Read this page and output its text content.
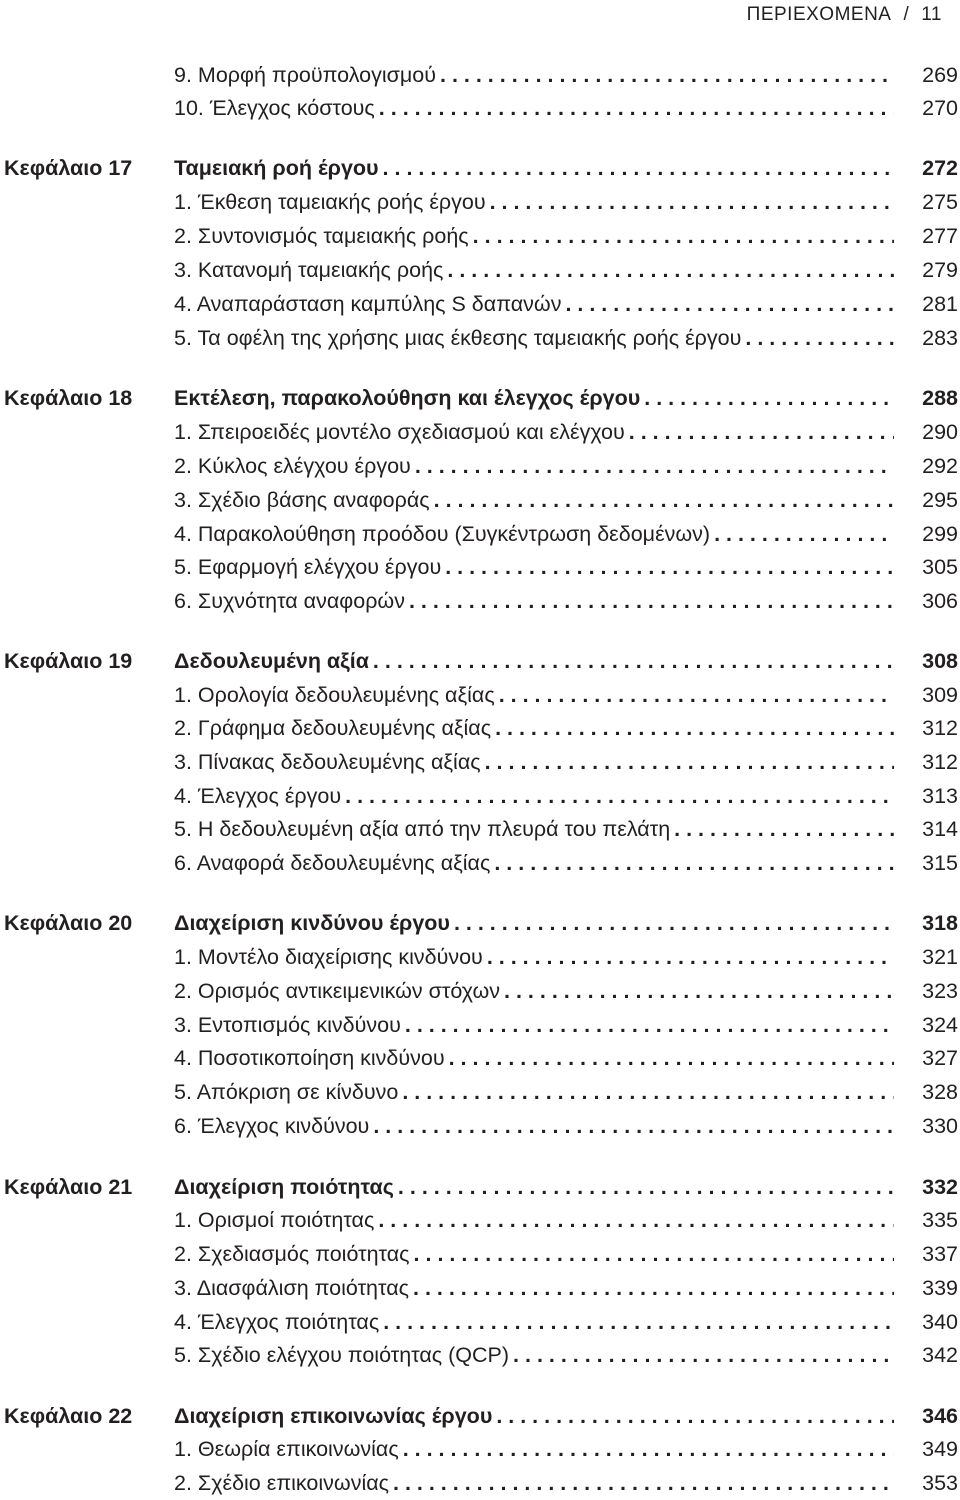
ΠΕΡΙΕΧΟΜΕΝΑ / 11
9. Μορφή προϋπολογισμού . . .	269
10. Έλεγχος κόστους . . .	270
Κεφάλαιο 17 Ταμειακή ροή έργου . . .	272
1. Έκθεση ταμειακής ροής έργου . . .	275
2. Συντονισμός ταμειακής ροής . . .	277
3. Κατανομή ταμειακής ροής . . .	279
4. Αναπαράσταση καμπύλης S δαπανών . . .	281
5. Τα οφέλη της χρήσης μιας έκθεσης ταμειακής ροής έργου . . .	283
Κεφάλαιο 18 Εκτέλεση, παρακολούθηση και έλεγχος έργου . . .	288
1. Σπειροειδές μοντέλο σχεδιασμού και ελέγχου . . .	290
2. Κύκλος ελέγχου έργου . . .	292
3. Σχέδιο βάσης αναφοράς . . .	295
4. Παρακολούθηση προόδου (Συγκέντρωση δεδομένων) . . .	299
5. Εφαρμογή ελέγχου έργου . . .	305
6. Συχνότητα αναφορών . . .	306
Κεφάλαιο 19 Δεδουλευμένη αξία . . .	308
1. Ορολογία δεδουλευμένης αξίας . . .	309
2. Γράφημα δεδουλευμένης αξίας . . .	312
3. Πίνακας δεδουλευμένης αξίας . . .	312
4. Έλεγχος έργου . . .	313
5. Η δεδουλευμένη αξία από την πλευρά του πελάτη . . .	314
6. Αναφορά δεδουλευμένης αξίας . . .	315
Κεφάλαιο 20 Διαχείριση κινδύνου έργου . . .	318
1. Μοντέλο διαχείρισης κινδύνου . . .	321
2. Ορισμός αντικειμενικών στόχων . . .	323
3. Εντοπισμός κινδύνου . . .	324
4. Ποσοτικοποίηση κινδύνου . . .	327
5. Απόκριση σε κίνδυνο . . .	328
6. Έλεγχος κινδύνου . . .	330
Κεφάλαιο 21 Διαχείριση ποιότητας . . .	332
1. Ορισμοί ποιότητας . . .	335
2. Σχεδιασμός ποιότητας . . .	337
3. Διασφάλιση ποιότητας . . .	339
4. Έλεγχος ποιότητας . . .	340
5. Σχέδιο ελέγχου ποιότητας (QCP) . . .	342
Κεφάλαιο 22 Διαχείριση επικοινωνίας έργου . . .	346
1. Θεωρία επικοινωνίας . . .	349
2. Σχέδιο επικοινωνίας . . .	353
